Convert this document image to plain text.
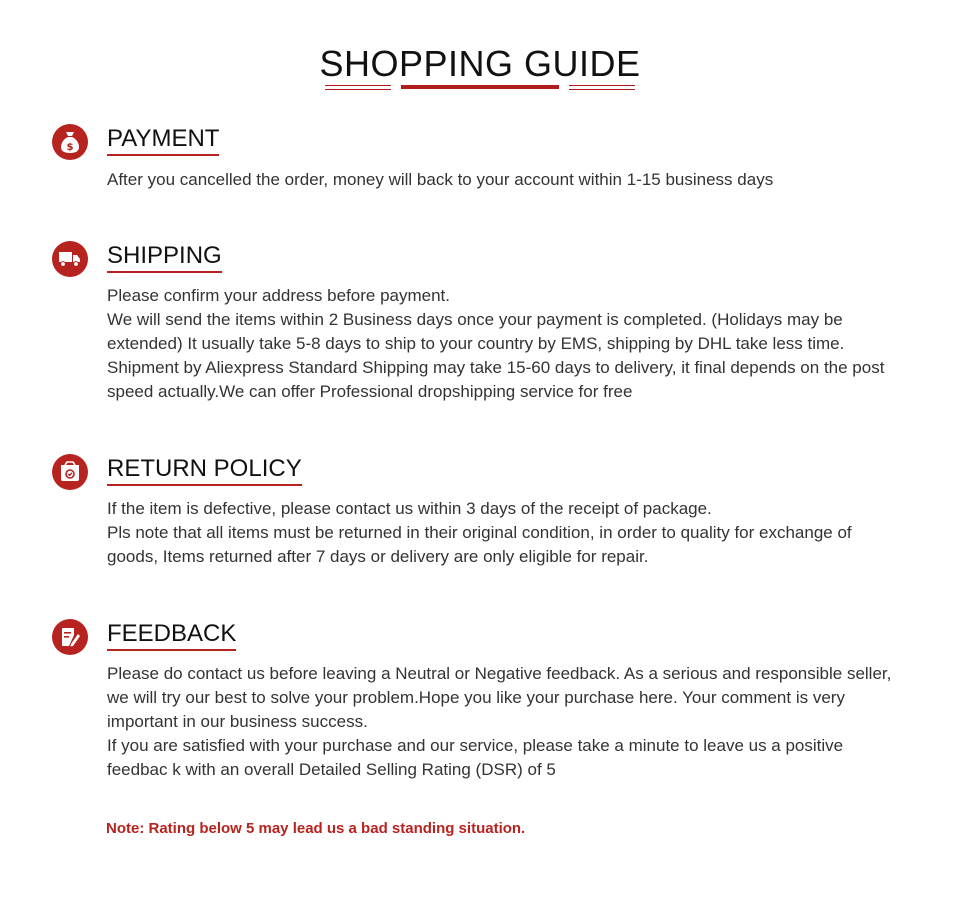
SHOPPING GUIDE
$ PAYMENT

After you cancelled the order, money will back to your account within 1-15 business days

SHIPPING

Please confirm your address before payment.

We will send the items within 2 Business days once your payment is completed. (Holidays may be extended) It usually take 5-8 days to ship to your country by EMS, shipping by DHL take less time. Shipment by Aliexpress Standard Shipping may take 15-60 days to delivery, it final depends on the post speed actually.We can offer Professional dropshipping service for free

RETURN POLICY

If the item is defective, please contact us within 3 days of the receipt of package.

Pls note that all items must be returned in their original condition, in order to quality for exchange of goods, Items returned after 7 days or delivery are only eligible for repair.

FEEDBACK

Please do contact us before leaving a Neutral or Negative feedback. As a serious and responsible seller, we will try our best to solve your problem.Hope you like your purchase here. Your comment is very important in our business success.

If you are satisfied with your purchase and our service, please take a minute to leave us a positive feedbac k with an overall Detailed Selling Rating (DSR) of 5

Note: Rating below 5 may lead us a bad standing situation.
